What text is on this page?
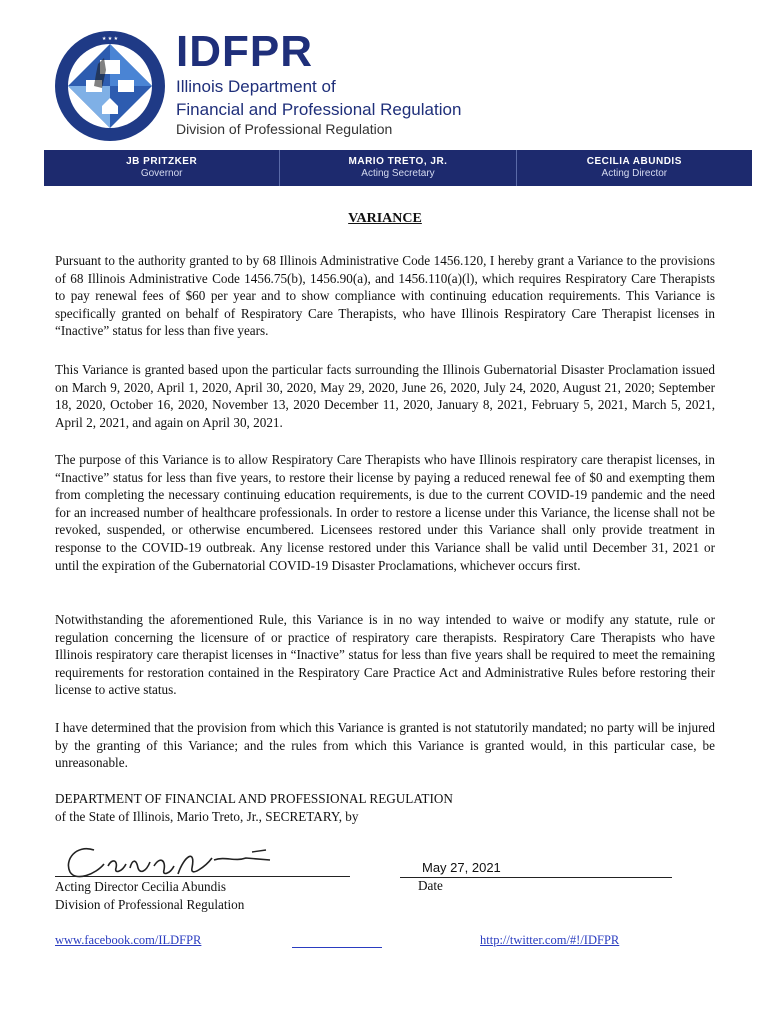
★ ★ ★ IDFPR
Illinois Department of
Financial and Professional Regulation
Division of Professional Regulation
JB PRITZKER
Governor
MARIO TRETO, JR.
Acting Secretary
CECILIA ABUNDIS
Acting Director
VARIANCE

Pursuant to the authority granted to by 68 Illinois Administrative Code 1456.120, I hereby grant a Variance to the provisions of 68 Illinois Administrative Code 1456.75(b), 1456.90(a), and 1456.110(a)(l), which requires Respiratory Care Therapists to pay renewal fees of $60 per year and to show compliance with continuing education requirements. This Variance is specifically granted on behalf of Respiratory Care Therapists, who have Illinois Respiratory Care Therapist licenses in “Inactive” status for less than five years.

This Variance is granted based upon the particular facts surrounding the Illinois Gubernatorial Disaster Proclamation issued on March 9, 2020, April 1, 2020, April 30, 2020, May 29, 2020, June 26, 2020, July 24, 2020, August 21, 2020; September 18, 2020, October 16, 2020, November 13, 2020 December 11, 2020, January 8, 2021, February 5, 2021, March 5, 2021, April 2, 2021, and again on April 30, 2021.

The purpose of this Variance is to allow Respiratory Care Therapists who have Illinois respiratory care therapist licenses, in “Inactive” status for less than five years, to restore their license by paying a reduced renewal fee of $0 and exempting them from completing the necessary continuing education requirements, is due to the current COVID-19 pandemic and the need for an increased number of healthcare professionals. In order to restore a license under this Variance, the license shall not be revoked, suspended, or otherwise encumbered. Licensees restored under this Variance shall only provide treatment in response to the COVID-19 outbreak. Any license restored under this Variance shall be valid until December 31, 2021 or until the expiration of the Gubernatorial COVID-19 Disaster Proclamations, whichever occurs first.

Notwithstanding the aforementioned Rule, this Variance is in no way intended to waive or modify any statute, rule or regulation concerning the licensure of or practice of respiratory care therapists. Respiratory Care Therapists who have Illinois respiratory care therapist licenses in “Inactive” status for less than five years shall be required to meet the remaining requirements for restoration contained in the Respiratory Care Practice Act and Administrative Rules before restoring their license to active status.

I have determined that the provision from which this Variance is granted is not statutorily mandated; no party will be injured by the granting of this Variance; and the rules from which this Variance is granted would, in this particular case, be unreasonable.

DEPARTMENT OF FINANCIAL AND PROFESSIONAL REGULATION
of the State of Illinois, Mario Treto, Jr., SECRETARY, by
Acting Director Cecilia Abundis
Division of Professional Regulation
May 27, 2021
Date
www.facebook.com/ILDFPR	http://twitter.com/#!/IDFPR
